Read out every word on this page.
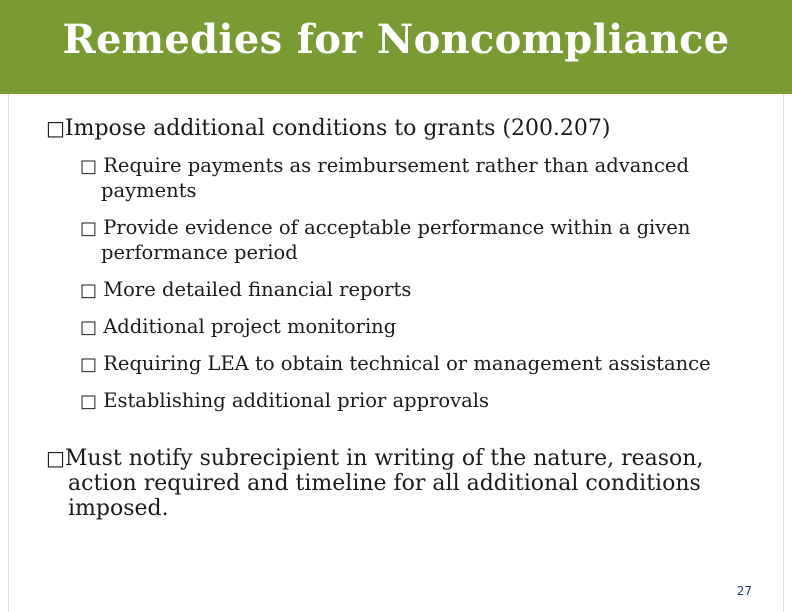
Remedies for Noncompliance
□Impose additional conditions to grants (200.207)
□ Require payments as reimbursement rather than advanced payments
□ Provide evidence of acceptable performance within a given performance period
□ More detailed financial reports
□ Additional project monitoring
□ Requiring LEA to obtain technical or management assistance
□ Establishing additional prior approvals
□Must notify subrecipient in writing of the nature, reason, action required and timeline for all additional conditions imposed.
27
